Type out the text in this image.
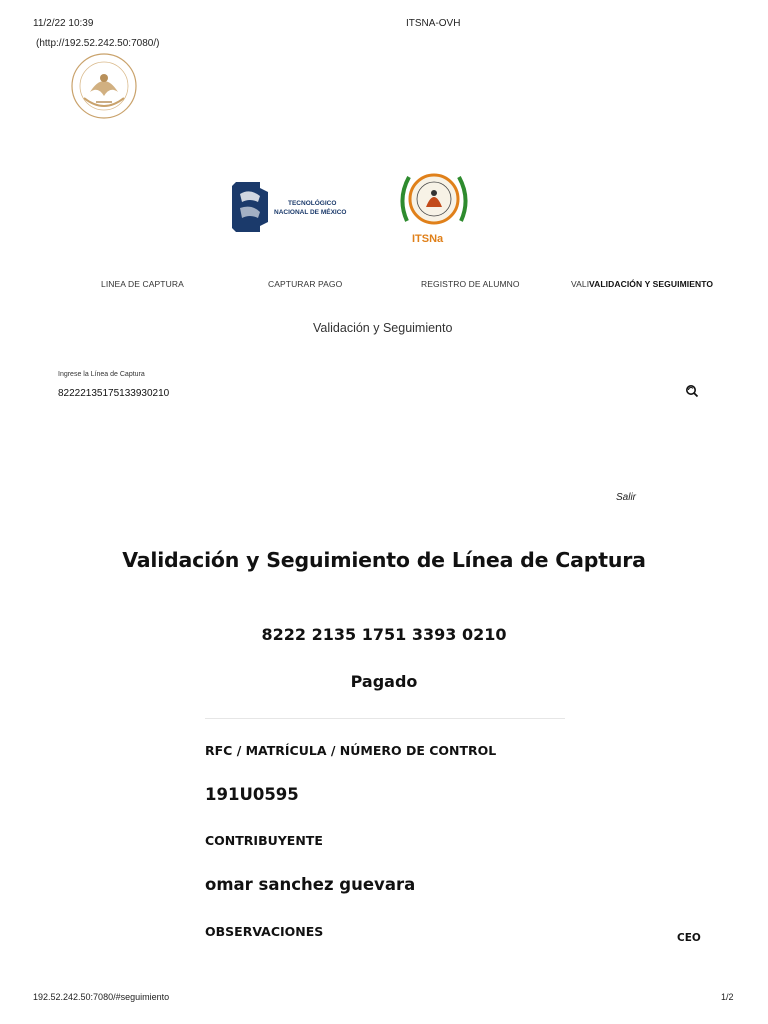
11/2/22 10:39	ITSNA-OVH
(http://192.52.242.50:7080/)
TECNOLÓGICO
NACIONAL DE MÉXICO
ITSNa
LINEA DE CAPTURA	CAPTURAR PAGO	REGISTRO DE ALUMNO	VALI VALIDACIÓN Y SEGUIMIENTO
Validación y Seguimiento
Ingrese la Línea de Captura
82222135175133930210
Salir
Validación y Seguimiento de Línea de Captura
8222 2135 1751 3393 0210
Pagado
RFC / MATRÍCULA / NÚMERO DE CONTROL
191U0595
CONTRIBUYENTE
omar sanchez guevara
OBSERVACIONES	CEO
192.52.242.50:7080/#seguimiento	1/2
